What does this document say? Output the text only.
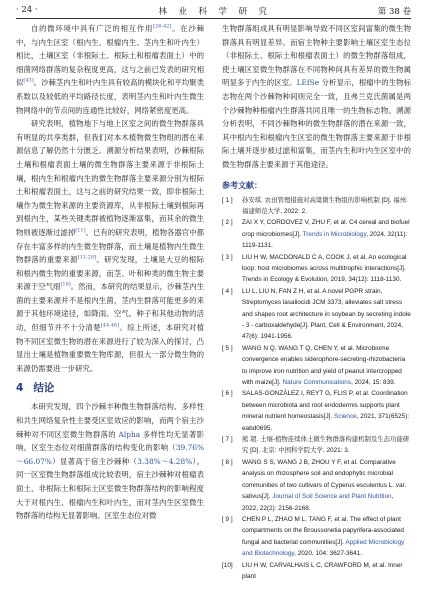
· 24 ·	林　业　科　学　研　究	第 38 卷

自的微环境中具有广泛的相互作用[26-42]。在沙棘中，与内生区室（根内生、根瘤内生、茎内生和叶内生）相比，土壤区室（非根际土、根际土和根瘤表面土）中的细菌网络群落的复杂程度更高，这与之前已发表的研究相似[43]。沙棘茎内生和叶内生具有较高的模块化和平均聚类系数以及较低的平均路径长度，表明茎内生和叶内生微生物网络中的节点间的连通性比较好，网络紧密度更高。

研究表明，植物地下与地上区室之间的微生物群落具有明显的共享类群，但我们对本木植物微生物组的潜在来源信息了解仍然十分匮乏。溯源分析结果表明，沙棘根际土壤和根瘤表面土壤的微生物群落主要来源于非根际土壤，根内生和根瘤内生的微生物群落主要来源分别为根际土和根瘤表面土，这与之前的研究结果一致，即非根际土壤作为微生物来源的主要资源库，从非根际土壤到根际再到根内生，某些关键类群被植物逐渐富集，而其余的微生物则被逐渐过滤掉[11]。已有的研究表明，植物各器官中都存在丰富多样的内生微生物群落，而土壤是植物内生微生物群落的重要来源[11-28]。研究发现，土壤是大豆的根际和根内微生物的重要来源，而茎、叶和种类的微生物主要来源于空气细[16]。然而，本研究的结果显示，沙棘茎内生菌的主要来源并不是根内生菌，茎内生群落可能更多的来源于其他环境途径，如降雨、空气、种子和其他动物的活动，但细节并不十分清楚[44-46]。综上所述，本研究对植物不同区室微生物的潜在来源进行了较为深入的探讨，凸显出土壤是植物重要微生物库源，但很大一部分微生物的来源仍需要进一步研究。

4 结论

本研究发现，四个沙棘丰种微生物群落结构、多样性和共生网络复杂性主要受区室效应的影响，而两个宿主沙棘种对不同区室微生物群落的 Alpha 多样性均无显著影响。区室生态位对细菌群落的结构变化的影响（39.76%～66.07%）显著高于宿主沙棘种（3.38%～4.28%）。同一区室微生物群落组成比较表明，宿主沙棘种对根瘤表面土、非根际土和根际土区室微生物群落结构的影响程度大于对根内生、根瘤内生和叶内生，而对茎内生区室微生物群落的结构无显著影响。区室生态位对微

生物群落组成具有明显影响导致不同区室间富集的微生物群落具有明显差异。而宿主物种主要影响土壤区室生态位（非根际土、根际土和根瘤表面土）的微生物群落组成，使土壤区室微生物群落在不同物种间具有差异的微生物属明显多于内生的区室。LEfSe 分析显示，根瘤中的生物标志物在两个沙棘物种间则完全一致，且弗兰克氏菌属是两个沙棘物种根瘤内生群落共同且唯一的生物标志物。溯源分析表明，不同沙棘物种的微生物群落的潜在来源一致，其中根内生和根瘤内生区室的微生物群落主要来源于非根际土壤并逐步被过滤和富集，而茎内生和叶内生区室中的微生物群落主要来源于其他途径。

参考文献：
[ 1 ] 孙安琪. 农田管理措施对高粱微生物组的影响机制 [D]. 福州: 福建师范大学, 2022: 2.
[ 2 ] ZAI X Y, CORDOVEZ V, ZHU F, et al. C4 cereal and biofuel crop microbiomes[J]. Trends in Microbiology, 2024, 32(11): 1119-1131.
[ 3 ] LIU H W, MACDONALD C A, COOK J, et al. An ecological loop: host microbiomes across multitrophic interactions[J]. Trends in Ecology & Evolution, 2019, 34(12): 1118-1130.
[ 4 ] LU L, LIU N, FAN Z H, et al. A novel PGPR strain, Streptomyces lasaliocidi JCM 3373, alleviates salt stress and shapes root architecture in soybean by secreting indole - 3 - carboxaldehyde[J]. Plant, Cell & Environment, 2024, 47(6): 1941-1956.
[ 5 ] WANG N Q, WANG T Q, CHEN Y, et al. Microbiome convergence enables siderophore-secreting-rhizobacteria to improve iron nutrition and yield of peanut intercropped with maize[J]. Nature Communications, 2024, 15: 839.
[ 6 ] SALAS-GONZÁLEZ I, REYT G, FLIS P, et al. Coordination between microbiota and root endodermis supports plant mineral nutrient homeostasis[J]. Science, 2021, 371(6525): eabd0695.
[ 7 ] 熊 超. 土壤-植物连续体土微生物群落构建机制及生态功能研究 [D]. 北京: 中国科学院大学, 2021: 3.
[ 8 ] WANG S S, WANG J B, ZHOU Y F, et al. Comparative analysis on rhizosphere soil and endophytic microbial communities of two cultivars of Cyperus esculentus L. var. sativus[J]. Journal of Soil Science and Plant Nutrition, 2022, 22(2): 2156-2168.
[ 9 ] CHEN P L, ZHAO M L, TANG F, et al. The effect of plant compartments on the Broussonetia papyrifera-associated fungal and bacterial communities[J]. Applied Microbiology and Biotechnology, 2020, 104: 3627-3641.
[10] LIU H W, CARVALHAIS L C, CRAWFORD M, et al. Inner plant
